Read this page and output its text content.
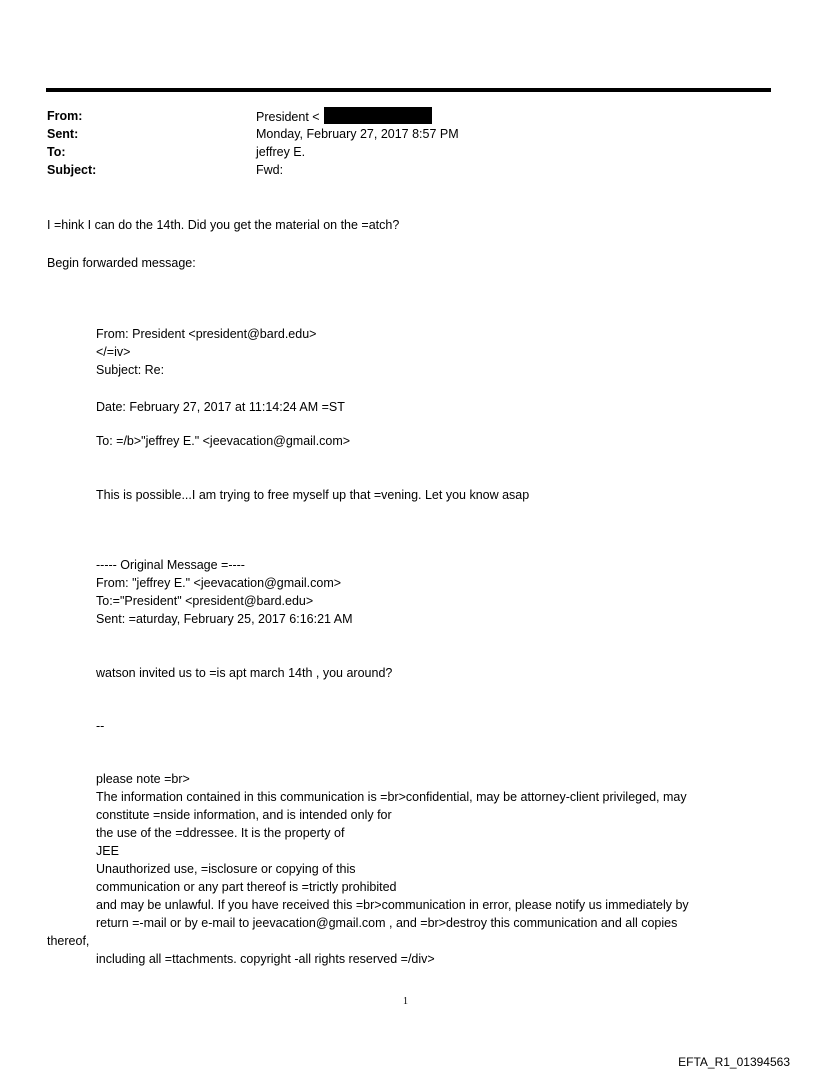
From:	President <
Sent:	Monday, February 27, 2017 8:57 PM
To:	jeffrey E.
Subject:	Fwd:
I =hink I can do the 14th. Did you get the material on the =atch?
Begin forwarded message:
From: President <president@bard.edu>
</=iv>
Subject: Re:
Date: February 27, 2017 at 11:14:24 AM =ST
To: =/b>"jeffrey E." <jeevacation@gmail.com>
This is possible...I am trying to free myself up that =vening. Let you know asap
----- Original Message =----
From: "jeffrey E." <jeevacation@gmail.com>
To:="President" <president@bard.edu>
Sent: =aturday, February 25, 2017 6:16:21 AM
watson invited us to =is apt march 14th , you around?
--
please note =br>
The information contained in this communication is =br>confidential, may be attorney-client privileged, may
constitute =nside information, and is intended only for
the use of the =ddressee. It is the property of
JEE
Unauthorized use, =isclosure or copying of this
communication or any part thereof is =trictly prohibited
and may be unlawful. If you have received this =br>communication in error, please notify us immediately by
return =-mail or by e-mail to jeevacation@gmail.com , and =br>destroy this communication and all copies
thereof,
including all =ttachments. copyright -all rights reserved =/div>
1
EFTA_R1_01394563
